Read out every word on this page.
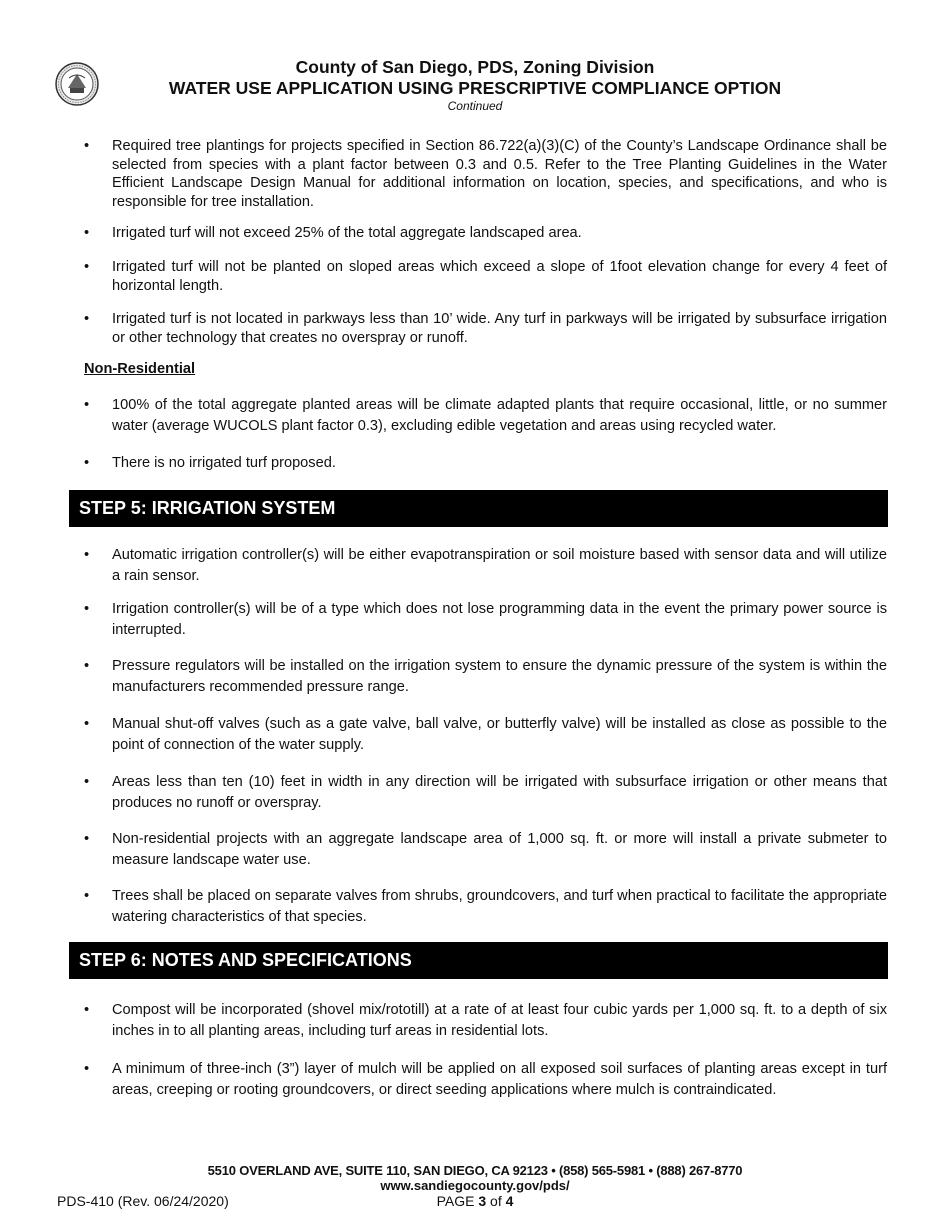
County of San Diego, PDS, Zoning Division
WATER USE APPLICATION USING PRESCRIPTIVE COMPLIANCE OPTION
Continued
•	Required tree plantings for projects specified in Section 86.722(a)(3)(C) of the County’s Landscape Ordinance shall be selected from species with a plant factor between 0.3 and 0.5. Refer to the Tree Planting Guidelines in the Water Efficient Landscape Design Manual for additional information on location, species, and specifications, and who is responsible for tree installation.
•	Irrigated turf will not exceed 25% of the total aggregate landscaped area.
•	Irrigated turf will not be planted on sloped areas which exceed a slope of 1foot elevation change for every 4 feet of horizontal length.
•	Irrigated turf is not located in parkways less than 10’ wide. Any turf in parkways will be irrigated by subsurface irrigation or other technology that creates no overspray or runoff.
Non-Residential
•	100% of the total aggregate planted areas will be climate adapted plants that require occasional, little, or no summer water (average WUCOLS plant factor 0.3), excluding edible vegetation and areas using recycled water.
•	There is no irrigated turf proposed.
STEP 5: IRRIGATION SYSTEM
•	Automatic irrigation controller(s) will be either evapotranspiration or soil moisture based with sensor data and will utilize a rain sensor.
•	Irrigation controller(s) will be of a type which does not lose programming data in the event the primary power source is interrupted.
•	Pressure regulators will be installed on the irrigation system to ensure the dynamic pressure of the system is within the manufacturers recommended pressure range.
•	Manual shut-off valves (such as a gate valve, ball valve, or butterfly valve) will be installed as close as possible to the point of connection of the water supply.
•	Areas less than ten (10) feet in width in any direction will be irrigated with subsurface irrigation or other means that produces no runoff or overspray.
•	Non-residential projects with an aggregate landscape area of 1,000 sq. ft. or more will install a private submeter to measure landscape water use.
•	Trees shall be placed on separate valves from shrubs, groundcovers, and turf when practical to facilitate the appropriate watering characteristics of that species.
STEP 6: NOTES AND SPECIFICATIONS
•	Compost will be incorporated (shovel mix/rototill) at a rate of at least four cubic yards per 1,000 sq. ft. to a depth of six inches in to all planting areas, including turf areas in residential lots.
•	A minimum of three-inch (3”) layer of mulch will be applied on all exposed soil surfaces of planting areas except in turf areas, creeping or rooting groundcovers, or direct seeding applications where mulch is contraindicated.
5510 OVERLAND AVE, SUITE 110, SAN DIEGO, CA 92123 • (858) 565-5981 • (888) 267-8770
www.sandiegocounty.gov/pds/
PDS-410 (Rev. 06/24/2020)	PAGE 3 of 4
